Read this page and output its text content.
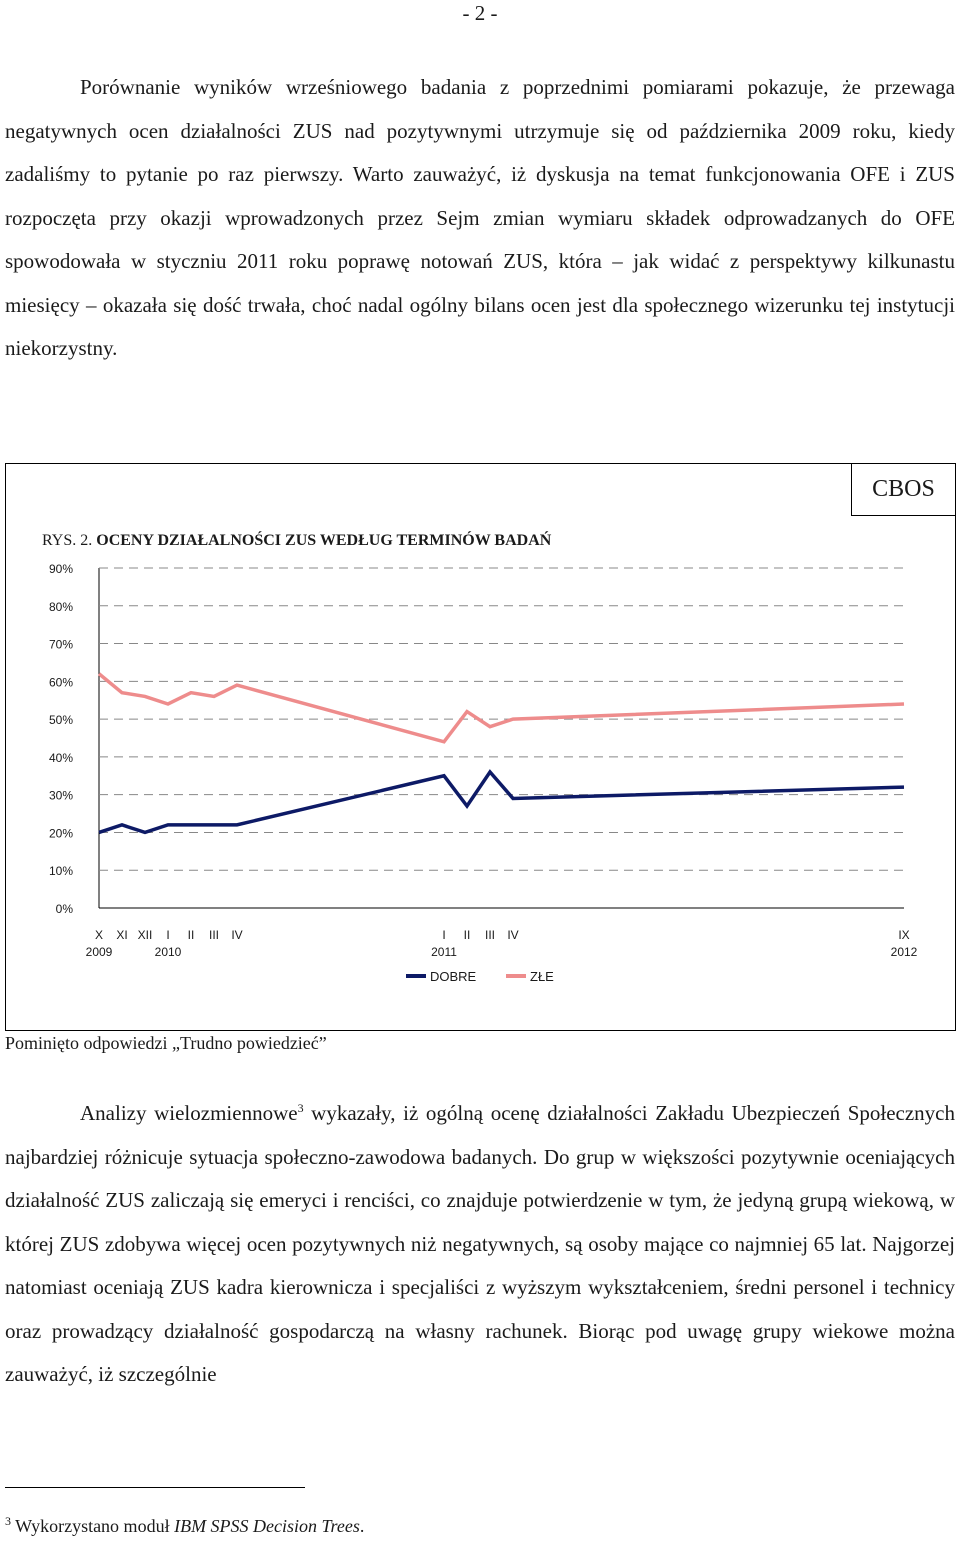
- 2 -

Porównanie wyników wrześniowego badania z poprzednimi pomiarami pokazuje, że przewaga negatywnych ocen działalności ZUS nad pozytywnymi utrzymuje się od października 2009 roku, kiedy zadaliśmy to pytanie po raz pierwszy. Warto zauważyć, iż dyskusja na temat funkcjonowania OFE i ZUS rozpoczęta przy okazji wprowadzonych przez Sejm zmian wymiaru składek odprowadzanych do OFE spowodowała w styczniu 2011 roku poprawę notowań ZUS, która – jak widać z perspektywy kilkunastu miesięcy – okazała się dość trwała, choć nadal ogólny bilans ocen jest dla społecznego wizerunku tej instytucji niekorzystny.

CBOS
RYS. 2. OCENY DZIAŁALNOŚCI ZUS WEDŁUG TERMINÓW BADAŃ
0%
10%
20%
30%
40%
50%
60%
70%
80%
90%
X XI XII I II III IV	I II III IV	IX
2009	2010	2011	2012
DOBRE	ZŁE
Pominięto odpowiedzi „Trudno powiedzieć”

Analizy wielozmiennowe$^3$ wykazały, iż ogólną ocenę działalności Zakładu Ubezpieczeń Społecznych najbardziej różnicuje sytuacja społeczno-zawodowa badanych. Do grup w większości pozytywnie oceniających działalność ZUS zaliczają się emeryci i renciści, co znajduje potwierdzenie w tym, że jedyną grupą wiekową, w której ZUS zdobywa więcej ocen pozytywnych niż negatywnych, są osoby mające co najmniej 65 lat. Najgorzej natomiast oceniają ZUS kadra kierownicza i specjaliści z wyższym wykształceniem, średni personel i technicy oraz prowadzący działalność gospodarczą na własny rachunek. Biorąc pod uwagę grupy wiekowe można zauważyć, iż szczególnie

$^3$ Wykorzystano moduł IBM SPSS Decision Trees.
